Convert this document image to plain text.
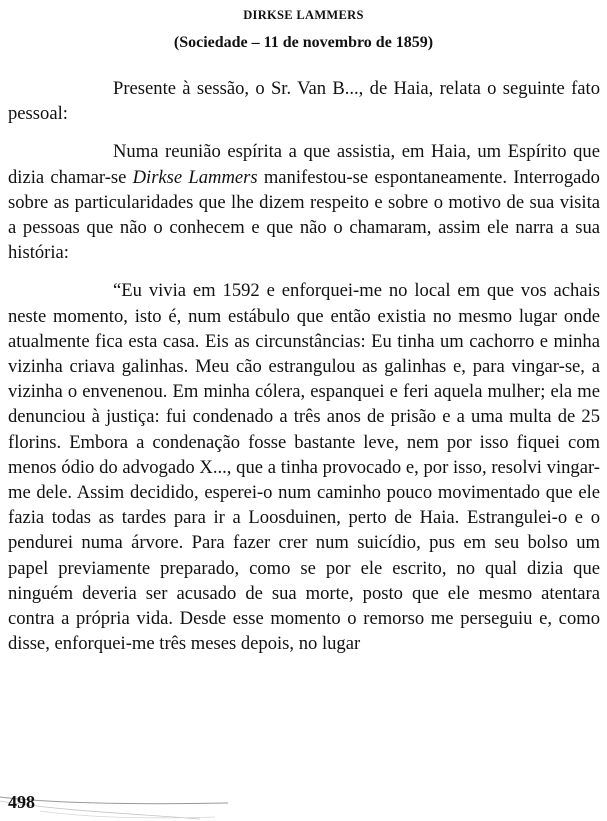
DIRKSE LAMMERS
(Sociedade – 11 de novembro de 1859)

Presente à sessão, o Sr. Van B..., de Haia, relata o seguinte fato pessoal:

Numa reunião espírita a que assistia, em Haia, um Espírito que dizia chamar-se Dirkse Lammers manifestou-se espontaneamente. Interrogado sobre as particularidades que lhe dizem respeito e sobre o motivo de sua visita a pessoas que não o conhecem e que não o chamaram, assim ele narra a sua história:

“Eu vivia em 1592 e enforquei-me no local em que vos achais neste momento, isto é, num estábulo que então existia no mesmo lugar onde atualmente fica esta casa. Eis as circunstâncias: Eu tinha um cachorro e minha vizinha criava galinhas. Meu cão estrangulou as galinhas e, para vingar-se, a vizinha o envenenou. Em minha cólera, espanquei e feri aquela mulher; ela me denunciou à justiça: fui condenado a três anos de prisão e a uma multa de 25 florins. Embora a condenação fosse bastante leve, nem por isso fiquei com menos ódio do advogado X..., que a tinha provocado e, por isso, resolvi vingar-me dele. Assim decidido, esperei-o num caminho pouco movimentado que ele fazia todas as tardes para ir a Loosduinen, perto de Haia. Estrangulei-o e o pendurei numa árvore. Para fazer crer num suicídio, pus em seu bolso um papel previamente preparado, como se por ele escrito, no qual dizia que ninguém deveria ser acusado de sua morte, posto que ele mesmo atentara contra a própria vida. Desde esse momento o remorso me perseguiu e, como disse, enforquei-me três meses depois, no lugar

498
